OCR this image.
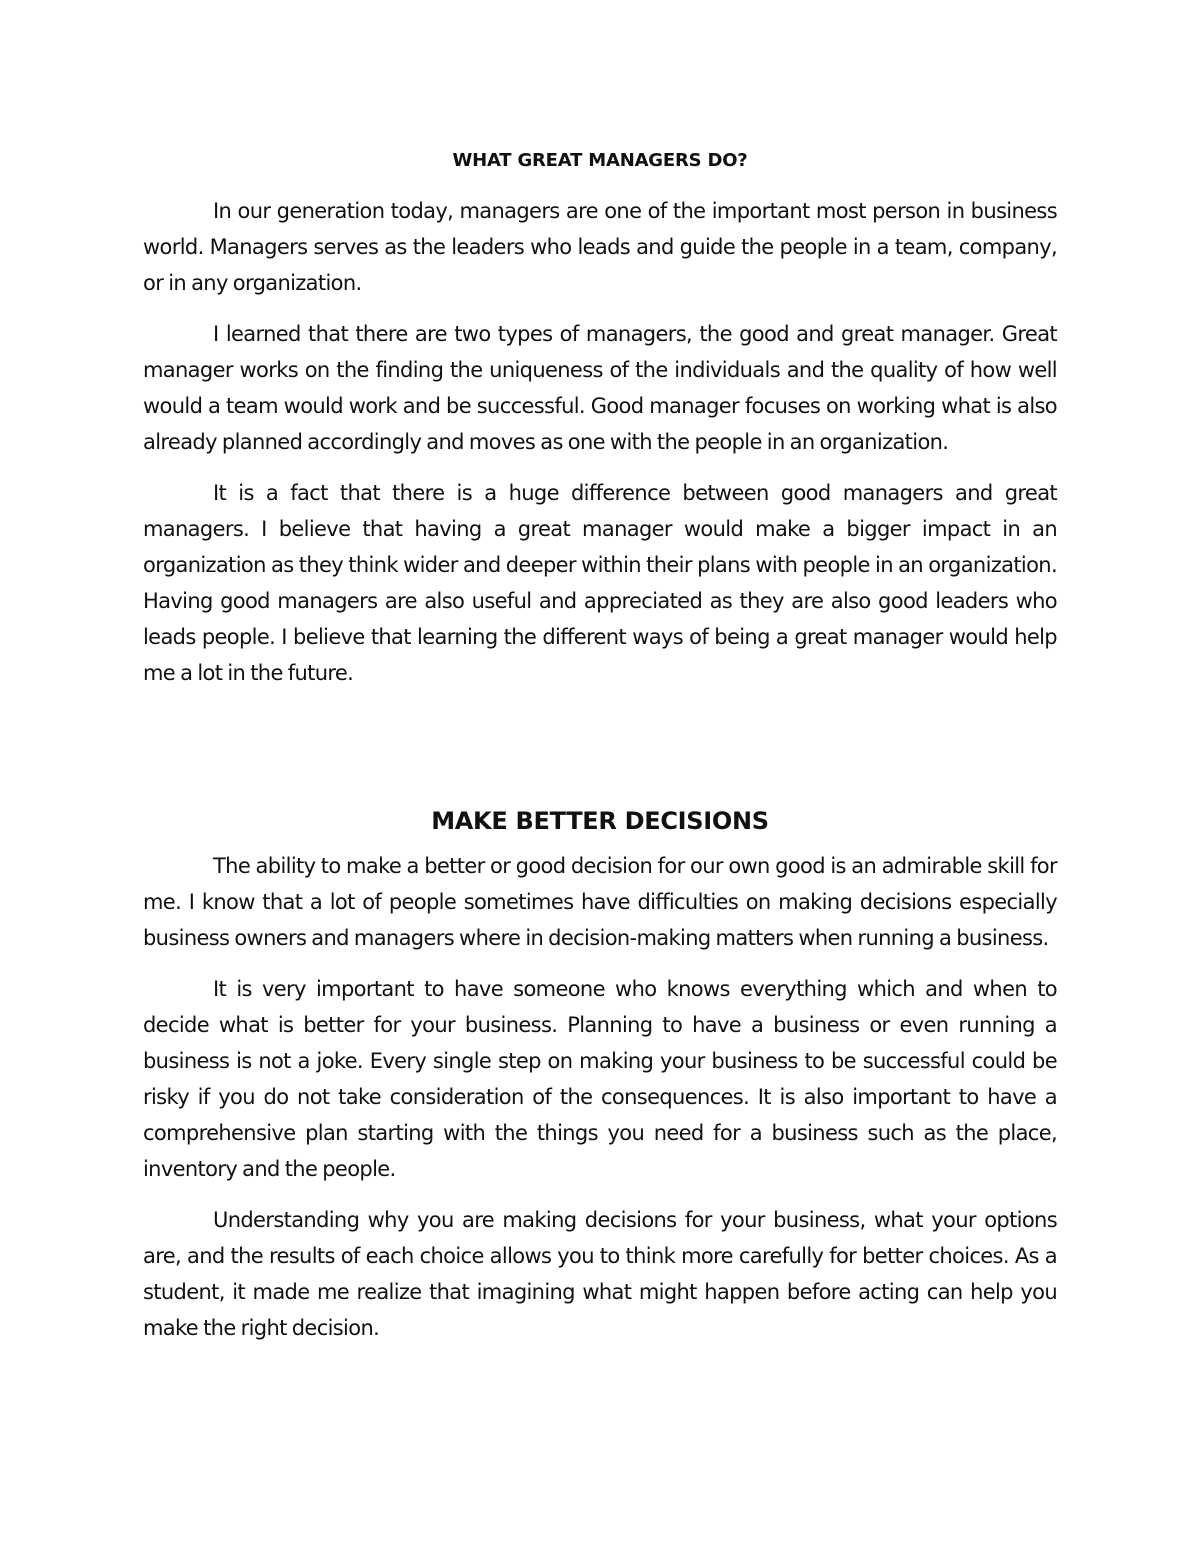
WHAT GREAT MANAGERS DO?

In our generation today, managers are one of the important most person in business world. Managers serves as the leaders who leads and guide the people in a team, company, or in any organization.

I learned that there are two types of managers, the good and great manager. Great manager works on the finding the uniqueness of the individuals and the quality of how well would a team would work and be successful. Good manager focuses on working what is also already planned accordingly and moves as one with the people in an organization.

It is a fact that there is a huge difference between good managers and great managers. I believe that having a great manager would make a bigger impact in an organization as they think wider and deeper within their plans with people in an organization. Having good managers are also useful and appreciated as they are also good leaders who leads people. I believe that learning the different ways of being a great manager would help me a lot in the future.

MAKE BETTER DECISIONS

The ability to make a better or good decision for our own good is an admirable skill for me. I know that a lot of people sometimes have difficulties on making decisions especially business owners and managers where in decision-making matters when running a business.

It is very important to have someone who knows everything which and when to decide what is better for your business. Planning to have a business or even running a business is not a joke. Every single step on making your business to be successful could be risky if you do not take consideration of the consequences. It is also important to have a comprehensive plan starting with the things you need for a business such as the place, inventory and the people.

Understanding why you are making decisions for your business, what your options are, and the results of each choice allows you to think more carefully for better choices. As a student, it made me realize that imagining what might happen before acting can help you make the right decision.
